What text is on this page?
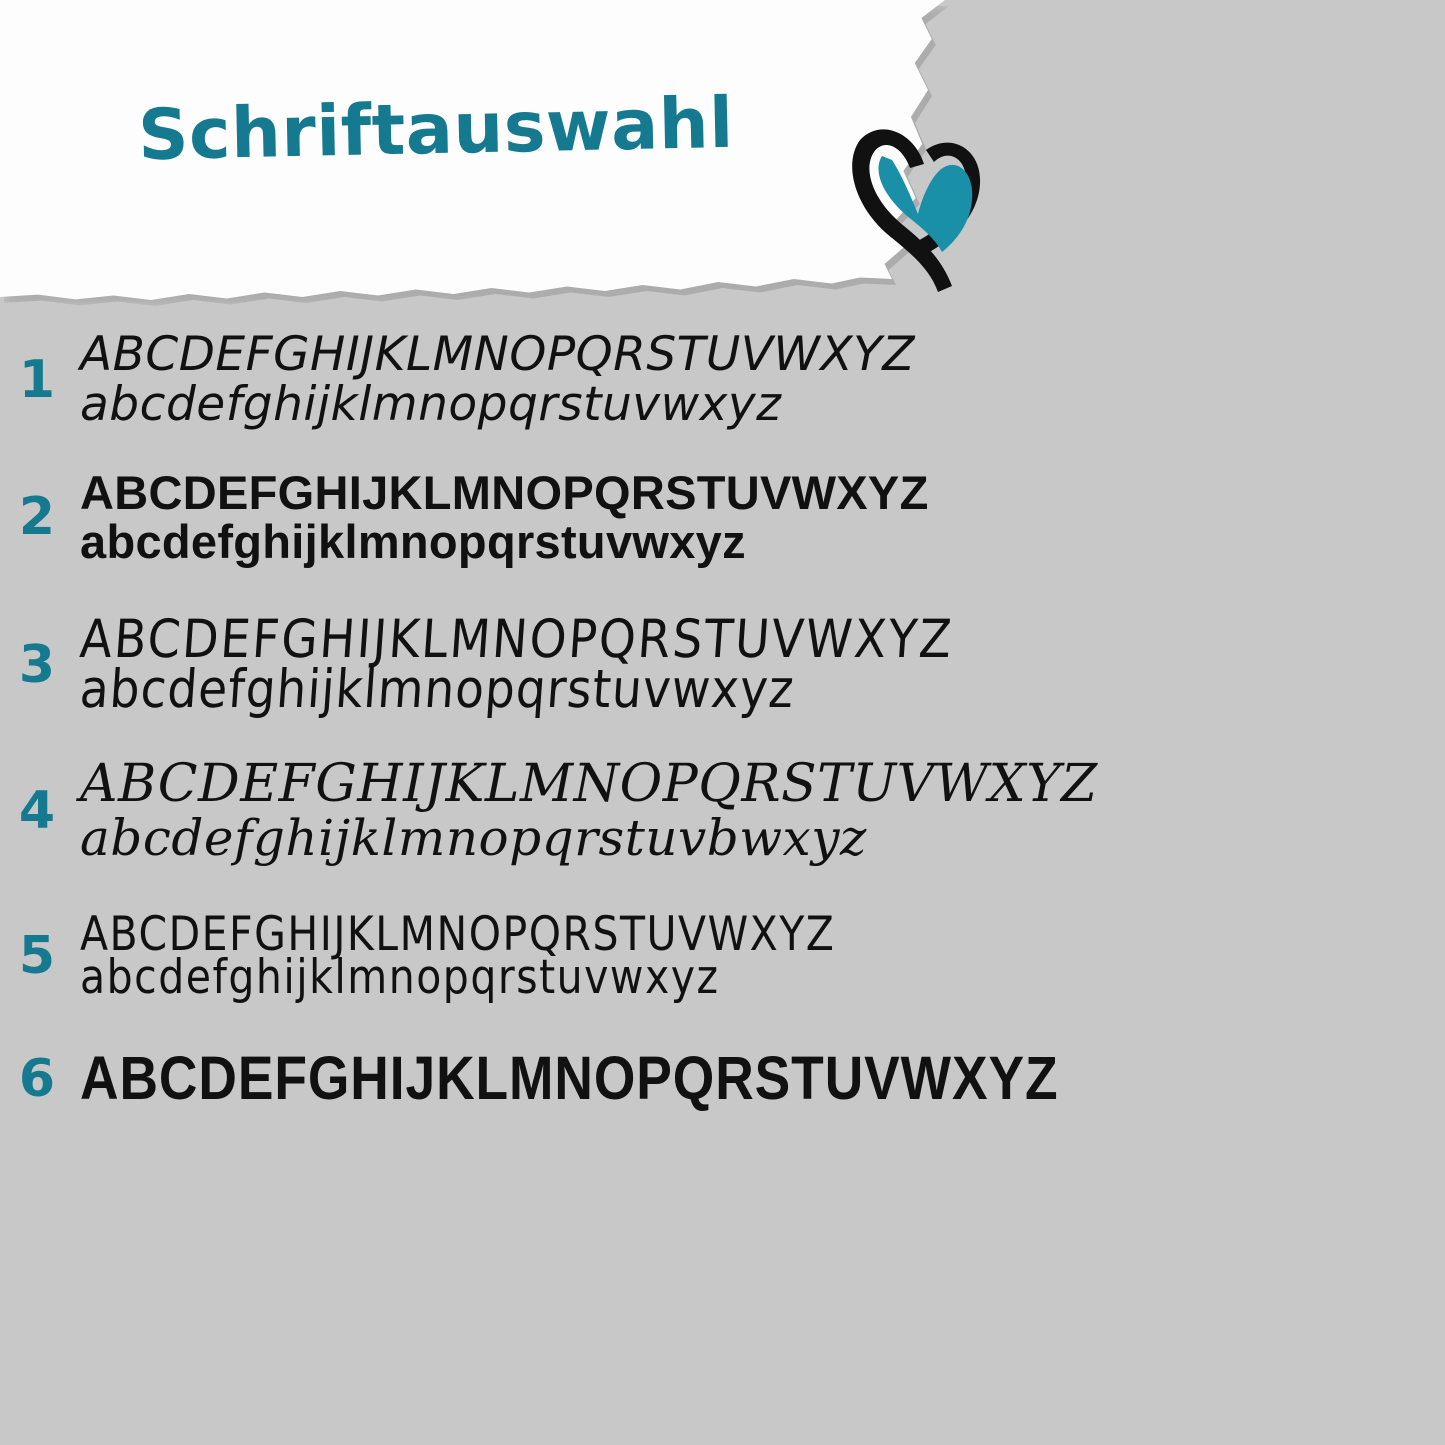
Schriftauswahl
1 ABCDEFGHIJKLMNOPQRSTUVWXYZ
abcdefghijklmnopqrstuvwxyz
2 ABCDEFGHIJKLMNOPQRSTUVWXYZ
abcdefghijklmnopqrstuvwxyz
3 ABCDEFGHIJKLMNOPQRSTUVWXYZ
abcdefghijklmnopqrstuvwxyz
4 ABCDEFGHIJKLMNOPQRSTUVWXYZ
abcdefghijklmnopqrstuvbwxyz
5 ABCDEFGHIJKLMNOPQRSTUVWXYZ
abcdefghijklmnopqrstuvwxyz
6 ABCDEFGHIJKLMNOPQRSTUVWXYZ
